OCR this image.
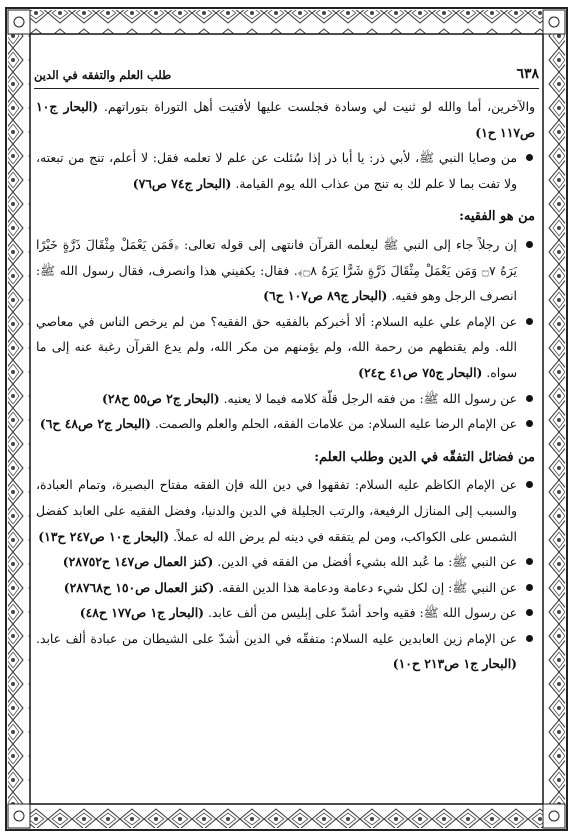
٦٣٨
طلب العلم والتفقه في الدين

والآخرين، أما والله لو ثنيت لي وسادة فجلست عليها لأفتيت أهل التوراة بتوراتهم. (البحار ج١٠ ص١١٧ ح١)

من وصايا النبي ﷺ، لأبي ذر: يا أبا ذر إذا سُئلت عن علم لا تعلمه فقل: لا أعلم، تنج من تبعته، ولا تفت بما لا علم لك به تنج من عذاب الله يوم القيامة. (البحار ج٧٤ ص٧٦)
من هو الفقيه:
إن رجلاً جاء إلى النبي ﷺ ليعلمه القرآن فانتهى إلى قوله تعالى: ﴿فَمَن يَعْمَلْ مِثْقَالَ ذَرَّةٍ خَيْرًا يَرَهُ ۝٧ وَمَن يَعْمَلْ مِثْقَالَ ذَرَّةٍ شَرًّا يَرَهُ ۝٨﴾. فقال: يكفيني هذا وانصرف، فقال رسول الله ﷺ: انصرف الرجل وهو فقيه. (البحار ج٨٩ ص١٠٧ ح٦)
عن الإمام علي عليه السلام: ألا أخبركم بالفقيه حق الفقيه؟ من لم يرخص الناس في معاصي الله. ولم يقنطهم من رحمة الله، ولم يؤمنهم من مكر الله، ولم يدع القرآن رغبة عنه إلى ما سواه. (البحار ج٧٥ ص٤١ ح٢٤)
عن رسول الله ﷺ: من فقه الرجل قلّة كلامه فيما لا يعنيه. (البحار ج٢ ص٥٥ ح٢٨)
عن الإمام الرضا عليه السلام: من علامات الفقه، الحلم والعلم والصمت. (البحار ج٢ ص٤٨ ح٦)
من فضائل التفقّه في الدين وطلب العلم:
عن الإمام الكاظم عليه السلام: تفقهوا في دين الله فإن الفقه مفتاح البصيرة، وتمام العبادة، والسبب إلى المنازل الرفيعة، والرتب الجليلة في الدين والدنيا، وفضل الفقيه على العابد كفضل الشمس على الكواكب، ومن لم يتفقه في دينه لم يرض الله له عملاً. (البحار ج١٠ ص٢٤٧ ح١٣)
عن النبي ﷺ: ما عُبد الله بشيء أفضل من الفقه في الدين. (كنز العمال ص١٤٧ ح٢٨٧٥٢)
عن النبي ﷺ: إن لكل شيء دعامة ودعامة هذا الدين الفقه. (كنز العمال ص١٥٠ ح٢٨٧٦٨)
عن رسول الله ﷺ: فقيه واحد أشدّ على إبليس من ألف عابد. (البحار ج١ ص١٧٧ ح٤٨)
عن الإمام زين العابدين عليه السلام: متفقّه في الدين أشدّ على الشيطان من عبادة ألف عابد. (البحار ج١ ص٢١٣ ح١٠)
